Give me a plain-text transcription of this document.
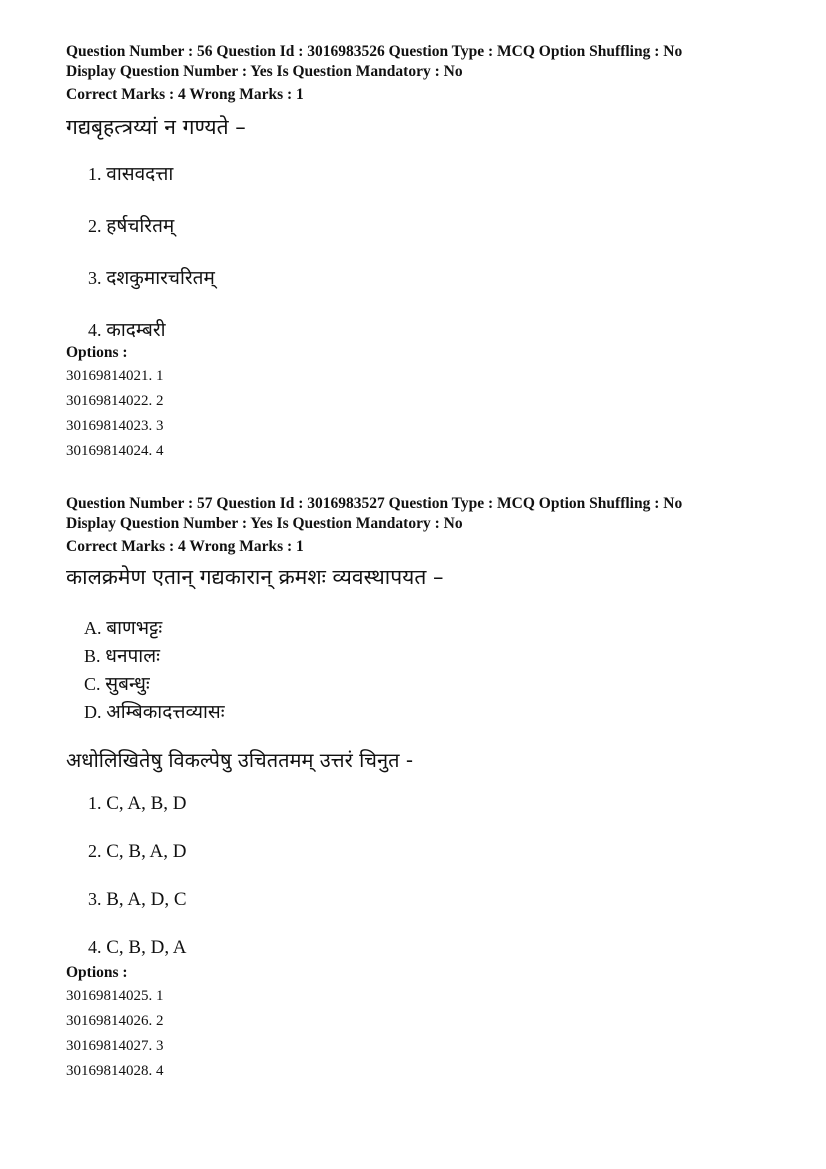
Question Number : 56 Question Id : 3016983526 Question Type : MCQ Option Shuffling : No
Display Question Number : Yes Is Question Mandatory : No
Correct Marks : 4 Wrong Marks : 1
गद्यबृहत्त्रय्यां न गण्यते –
1. वासवदत्ता
2. हर्षचरितम्
3. दशकुमारचरितम्
4. कादम्बरी
Options :
30169814021. 1
30169814022. 2
30169814023. 3
30169814024. 4
Question Number : 57 Question Id : 3016983527 Question Type : MCQ Option Shuffling : No
Display Question Number : Yes Is Question Mandatory : No
Correct Marks : 4 Wrong Marks : 1
कालक्रमेण एतान् गद्यकारान् क्रमशः व्यवस्थापयत –
A. बाणभट्टः
B. धनपालः
C. सुबन्धुः
D. अम्बिकादत्तव्यासः
अधोलिखितेषु विकल्पेषु उचिततमम् उत्तरं चिनुत -
1. C, A, B, D
2. C, B, A, D
3. B, A, D, C
4. C, B, D, A
Options :
30169814025. 1
30169814026. 2
30169814027. 3
30169814028. 4
